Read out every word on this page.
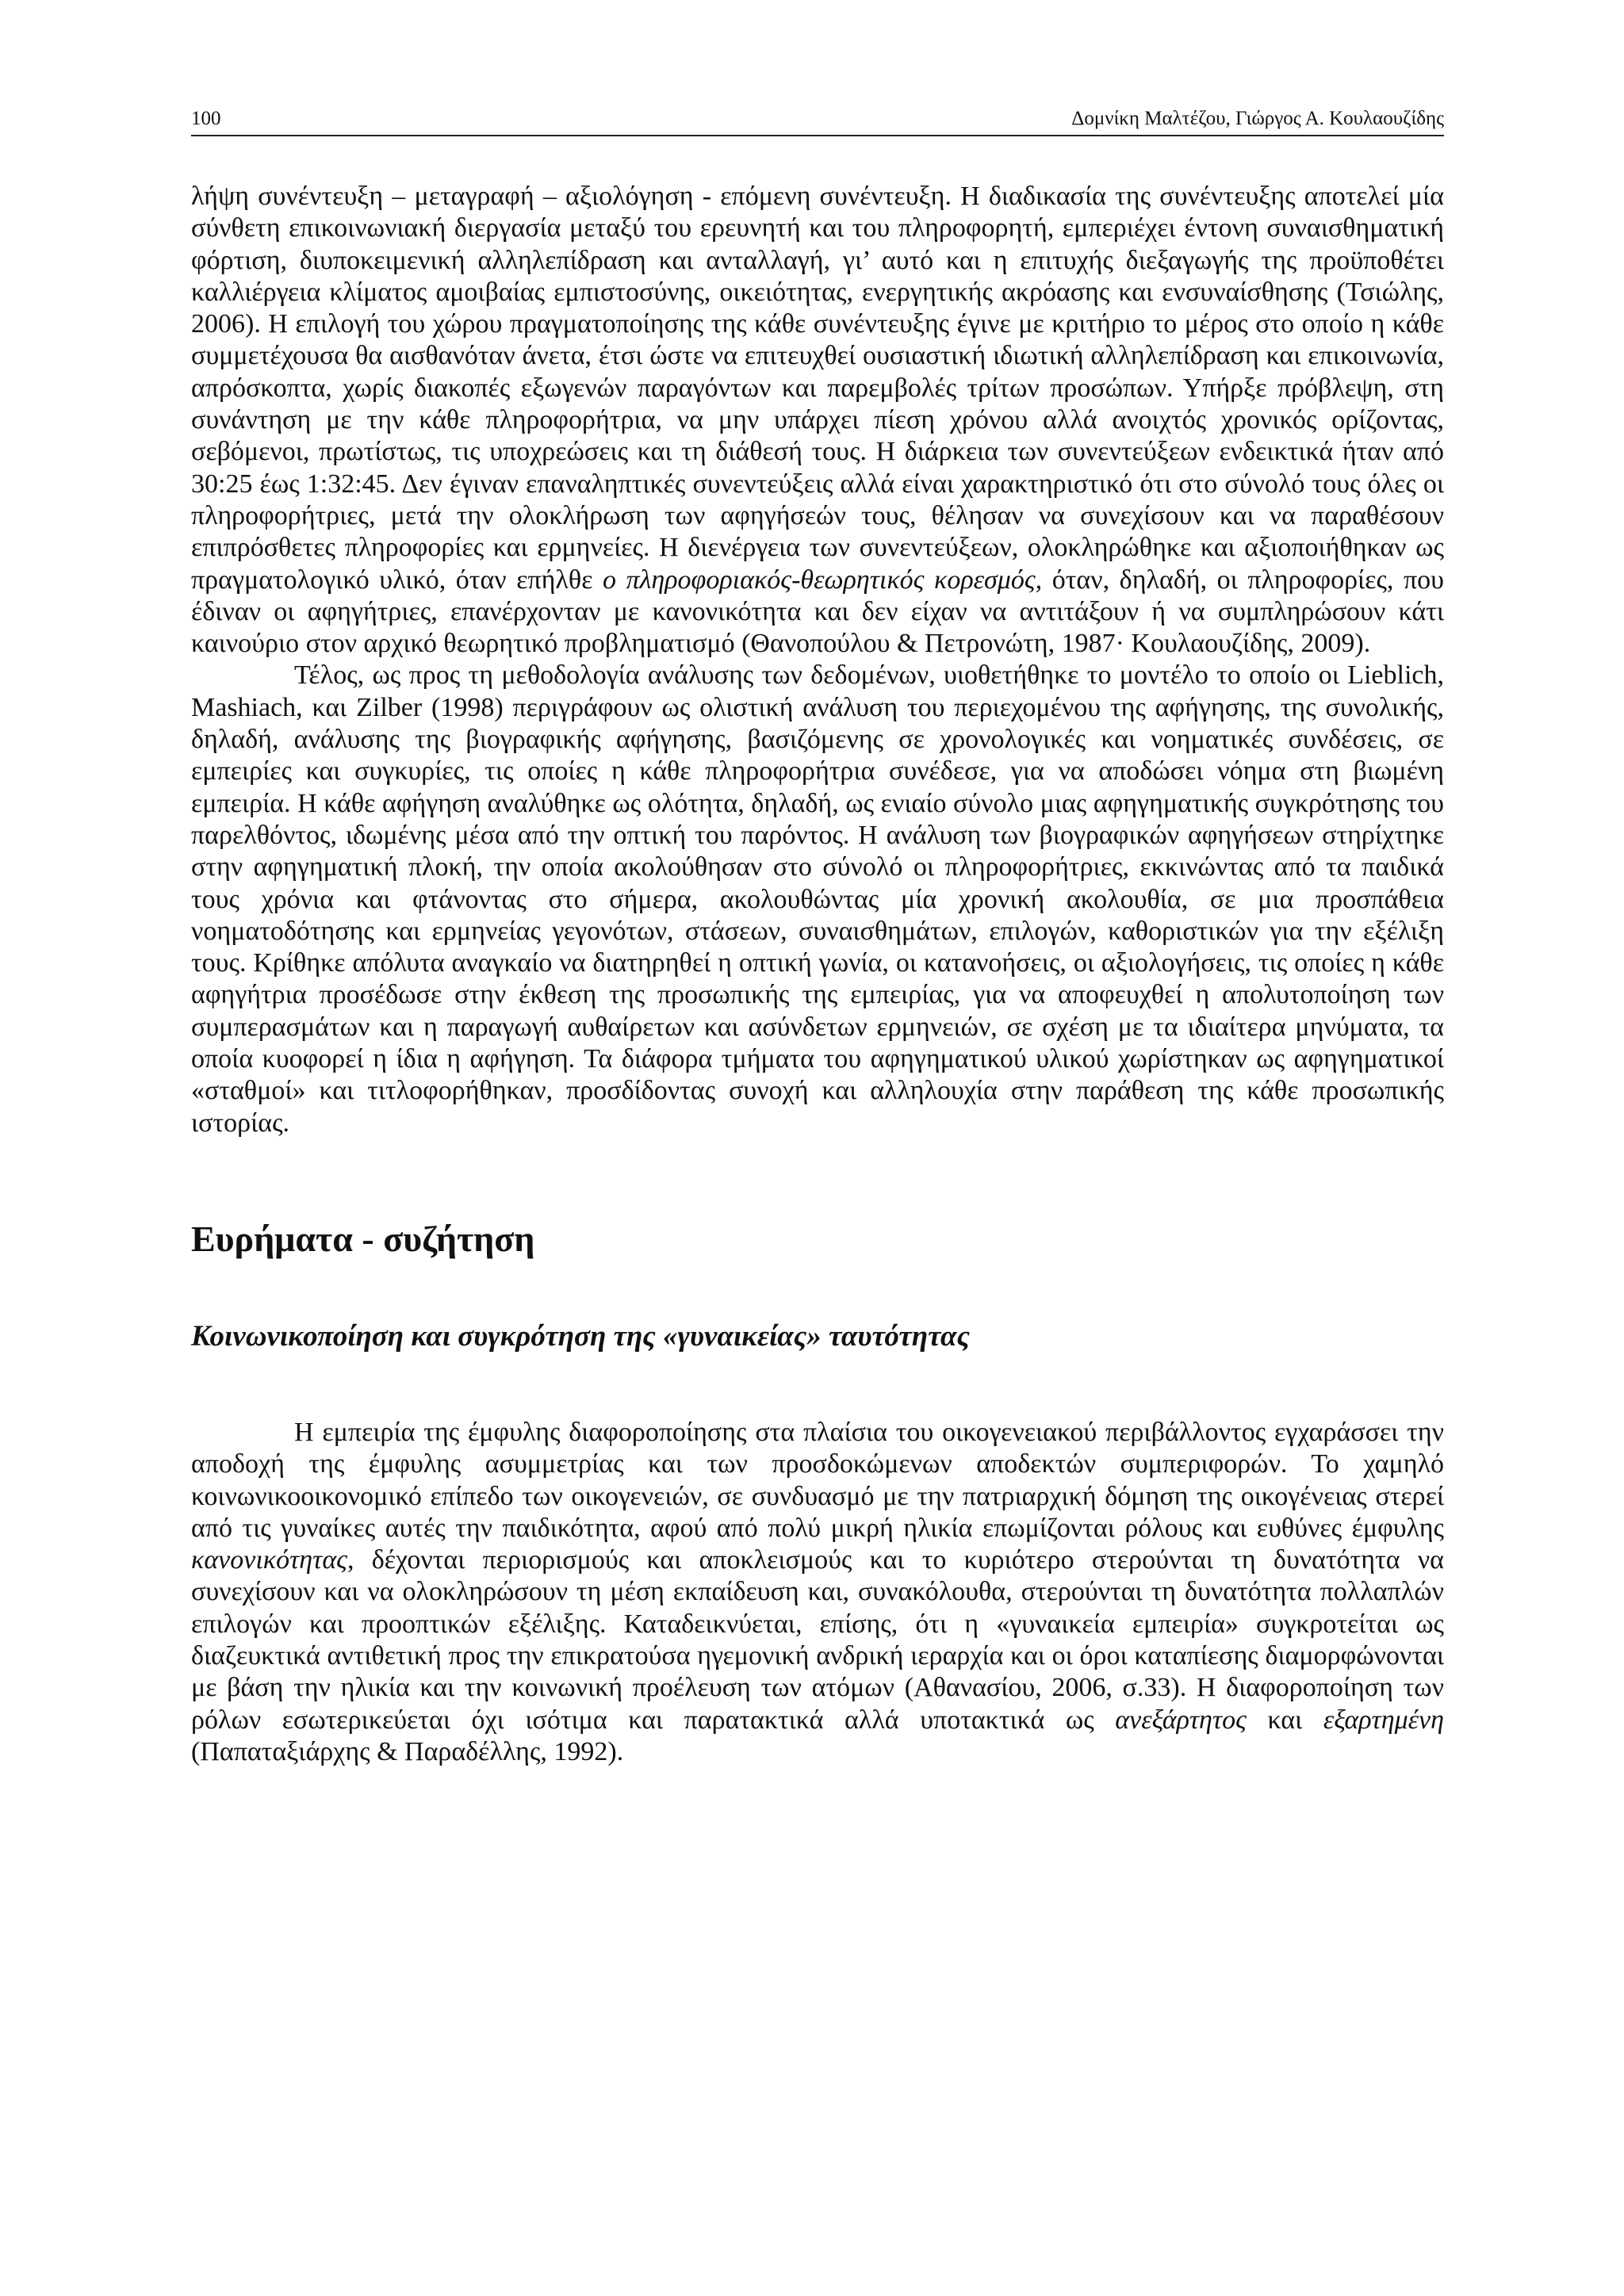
100	Δομνίκη Μαλτέζου, Γιώργος Α. Κουλαουζίδης

λήψη συνέντευξη – μεταγραφή – αξιολόγηση - επόμενη συνέντευξη. Η διαδικασία της συνέντευξης αποτελεί μία σύνθετη επικοινωνιακή διεργασία μεταξύ του ερευνητή και του πληροφορητή, εμπεριέχει έντονη συναισθηματική φόρτιση, διυποκειμενική αλληλεπίδραση και ανταλλαγή, γι’ αυτό και η επιτυχής διεξαγωγής της προϋποθέτει καλλιέργεια κλίματος αμοιβαίας εμπιστοσύνης, οικειότητας, ενεργητικής ακρόασης και ενσυναίσθησης (Τσιώλης, 2006). Η επιλογή του χώρου πραγματοποίησης της κάθε συνέντευξης έγινε με κριτήριο το μέρος στο οποίο η κάθε συμμετέχουσα θα αισθανόταν άνετα, έτσι ώστε να επιτευχθεί ουσιαστική ιδιωτική αλληλεπίδραση και επικοινωνία, απρόσκοπτα, χωρίς διακοπές εξωγενών παραγόντων και παρεμβολές τρίτων προσώπων. Υπήρξε πρόβλεψη, στη συνάντηση με την κάθε πληροφορήτρια, να μην υπάρχει πίεση χρόνου αλλά ανοιχτός χρονικός ορίζοντας, σεβόμενοι, πρωτίστως, τις υποχρεώσεις και τη διάθεσή τους. Η διάρκεια των συνεντεύξεων ενδεικτικά ήταν από 30:25 έως 1:32:45. Δεν έγιναν επαναληπτικές συνεντεύξεις αλλά είναι χαρακτηριστικό ότι στο σύνολό τους όλες οι πληροφορήτριες, μετά την ολοκλήρωση των αφηγήσεών τους, θέλησαν να συνεχίσουν και να παραθέσουν επιπρόσθετες πληροφορίες και ερμηνείες. Η διενέργεια των συνεντεύξεων, ολοκληρώθηκε και αξιοποιήθηκαν ως πραγματολογικό υλικό, όταν επήλθε ο πληροφοριακός-θεωρητικός κορεσμός, όταν, δηλαδή, οι πληροφορίες, που έδιναν οι αφηγήτριες, επανέρχονταν με κανονικότητα και δεν είχαν να αντιτάξουν ή να συμπληρώσουν κάτι καινούριο στον αρχικό θεωρητικό προβληματισμό (Θανοπούλου & Πετρονώτη, 1987· Κουλαουζίδης, 2009).

Τέλος, ως προς τη μεθοδολογία ανάλυσης των δεδομένων, υιοθετήθηκε το μοντέλο το οποίο οι Lieblich, Mashiach, και Zilber (1998) περιγράφουν ως ολιστική ανάλυση του περιεχομένου της αφήγησης, της συνολικής, δηλαδή, ανάλυσης της βιογραφικής αφήγησης, βασιζόμενης σε χρονολογικές και νοηματικές συνδέσεις, σε εμπειρίες και συγκυρίες, τις οποίες η κάθε πληροφορήτρια συνέδεσε, για να αποδώσει νόημα στη βιωμένη εμπειρία. Η κάθε αφήγηση αναλύθηκε ως ολότητα, δηλαδή, ως ενιαίο σύνολο μιας αφηγηματικής συγκρότησης του παρελθόντος, ιδωμένης μέσα από την οπτική του παρόντος. Η ανάλυση των βιογραφικών αφηγήσεων στηρίχτηκε στην αφηγηματική πλοκή, την οποία ακολούθησαν στο σύνολό οι πληροφορήτριες, εκκινώντας από τα παιδικά τους χρόνια και φτάνοντας στο σήμερα, ακολουθώντας μία χρονική ακολουθία, σε μια προσπάθεια νοηματοδότησης και ερμηνείας γεγονότων, στάσεων, συναισθημάτων, επιλογών, καθοριστικών για την εξέλιξη τους. Κρίθηκε απόλυτα αναγκαίο να διατηρηθεί η οπτική γωνία, οι κατανοήσεις, οι αξιολογήσεις, τις οποίες η κάθε αφηγήτρια προσέδωσε στην έκθεση της προσωπικής της εμπειρίας, για να αποφευχθεί η απολυτοποίηση των συμπερασμάτων και η παραγωγή αυθαίρετων και ασύνδετων ερμηνειών, σε σχέση με τα ιδιαίτερα μηνύματα, τα οποία κυοφορεί η ίδια η αφήγηση. Τα διάφορα τμήματα του αφηγηματικού υλικού χωρίστηκαν ως αφηγηματικοί «σταθμοί» και τιτλοφορήθηκαν, προσδίδοντας συνοχή και αλληλουχία στην παράθεση της κάθε προσωπικής ιστορίας.

Ευρήματα - συζήτηση
Κοινωνικοποίηση και συγκρότηση της «γυναικείας» ταυτότητας

Η εμπειρία της έμφυλης διαφοροποίησης στα πλαίσια του οικογενειακού περιβάλλοντος εγχαράσσει την αποδοχή της έμφυλης ασυμμετρίας και των προσδοκώμενων αποδεκτών συμπεριφορών. Το χαμηλό κοινωνικοοικονομικό επίπεδο των οικογενειών, σε συνδυασμό με την πατριαρχική δόμηση της οικογένειας στερεί από τις γυναίκες αυτές την παιδικότητα, αφού από πολύ μικρή ηλικία επωμίζονται ρόλους και ευθύνες έμφυλης κανονικότητας, δέχονται περιορισμούς και αποκλεισμούς και το κυριότερο στερούνται τη δυνατότητα να συνεχίσουν και να ολοκληρώσουν τη μέση εκπαίδευση και, συνακόλουθα, στερούνται τη δυνατότητα πολλαπλών επιλογών και προοπτικών εξέλιξης. Καταδεικνύεται, επίσης, ότι η «γυναικεία εμπειρία» συγκροτείται ως διαζευκτικά αντιθετική προς την επικρατούσα ηγεμονική ανδρική ιεραρχία και οι όροι καταπίεσης διαμορφώνονται με βάση την ηλικία και την κοινωνική προέλευση των ατόμων (Αθανασίου, 2006, σ.33). Η διαφοροποίηση των ρόλων εσωτερικεύεται όχι ισότιμα και παρατακτικά αλλά υποτακτικά ως ανεξάρτητος και εξαρτημένη (Παπαταξιάρχης & Παραδέλλης, 1992).
